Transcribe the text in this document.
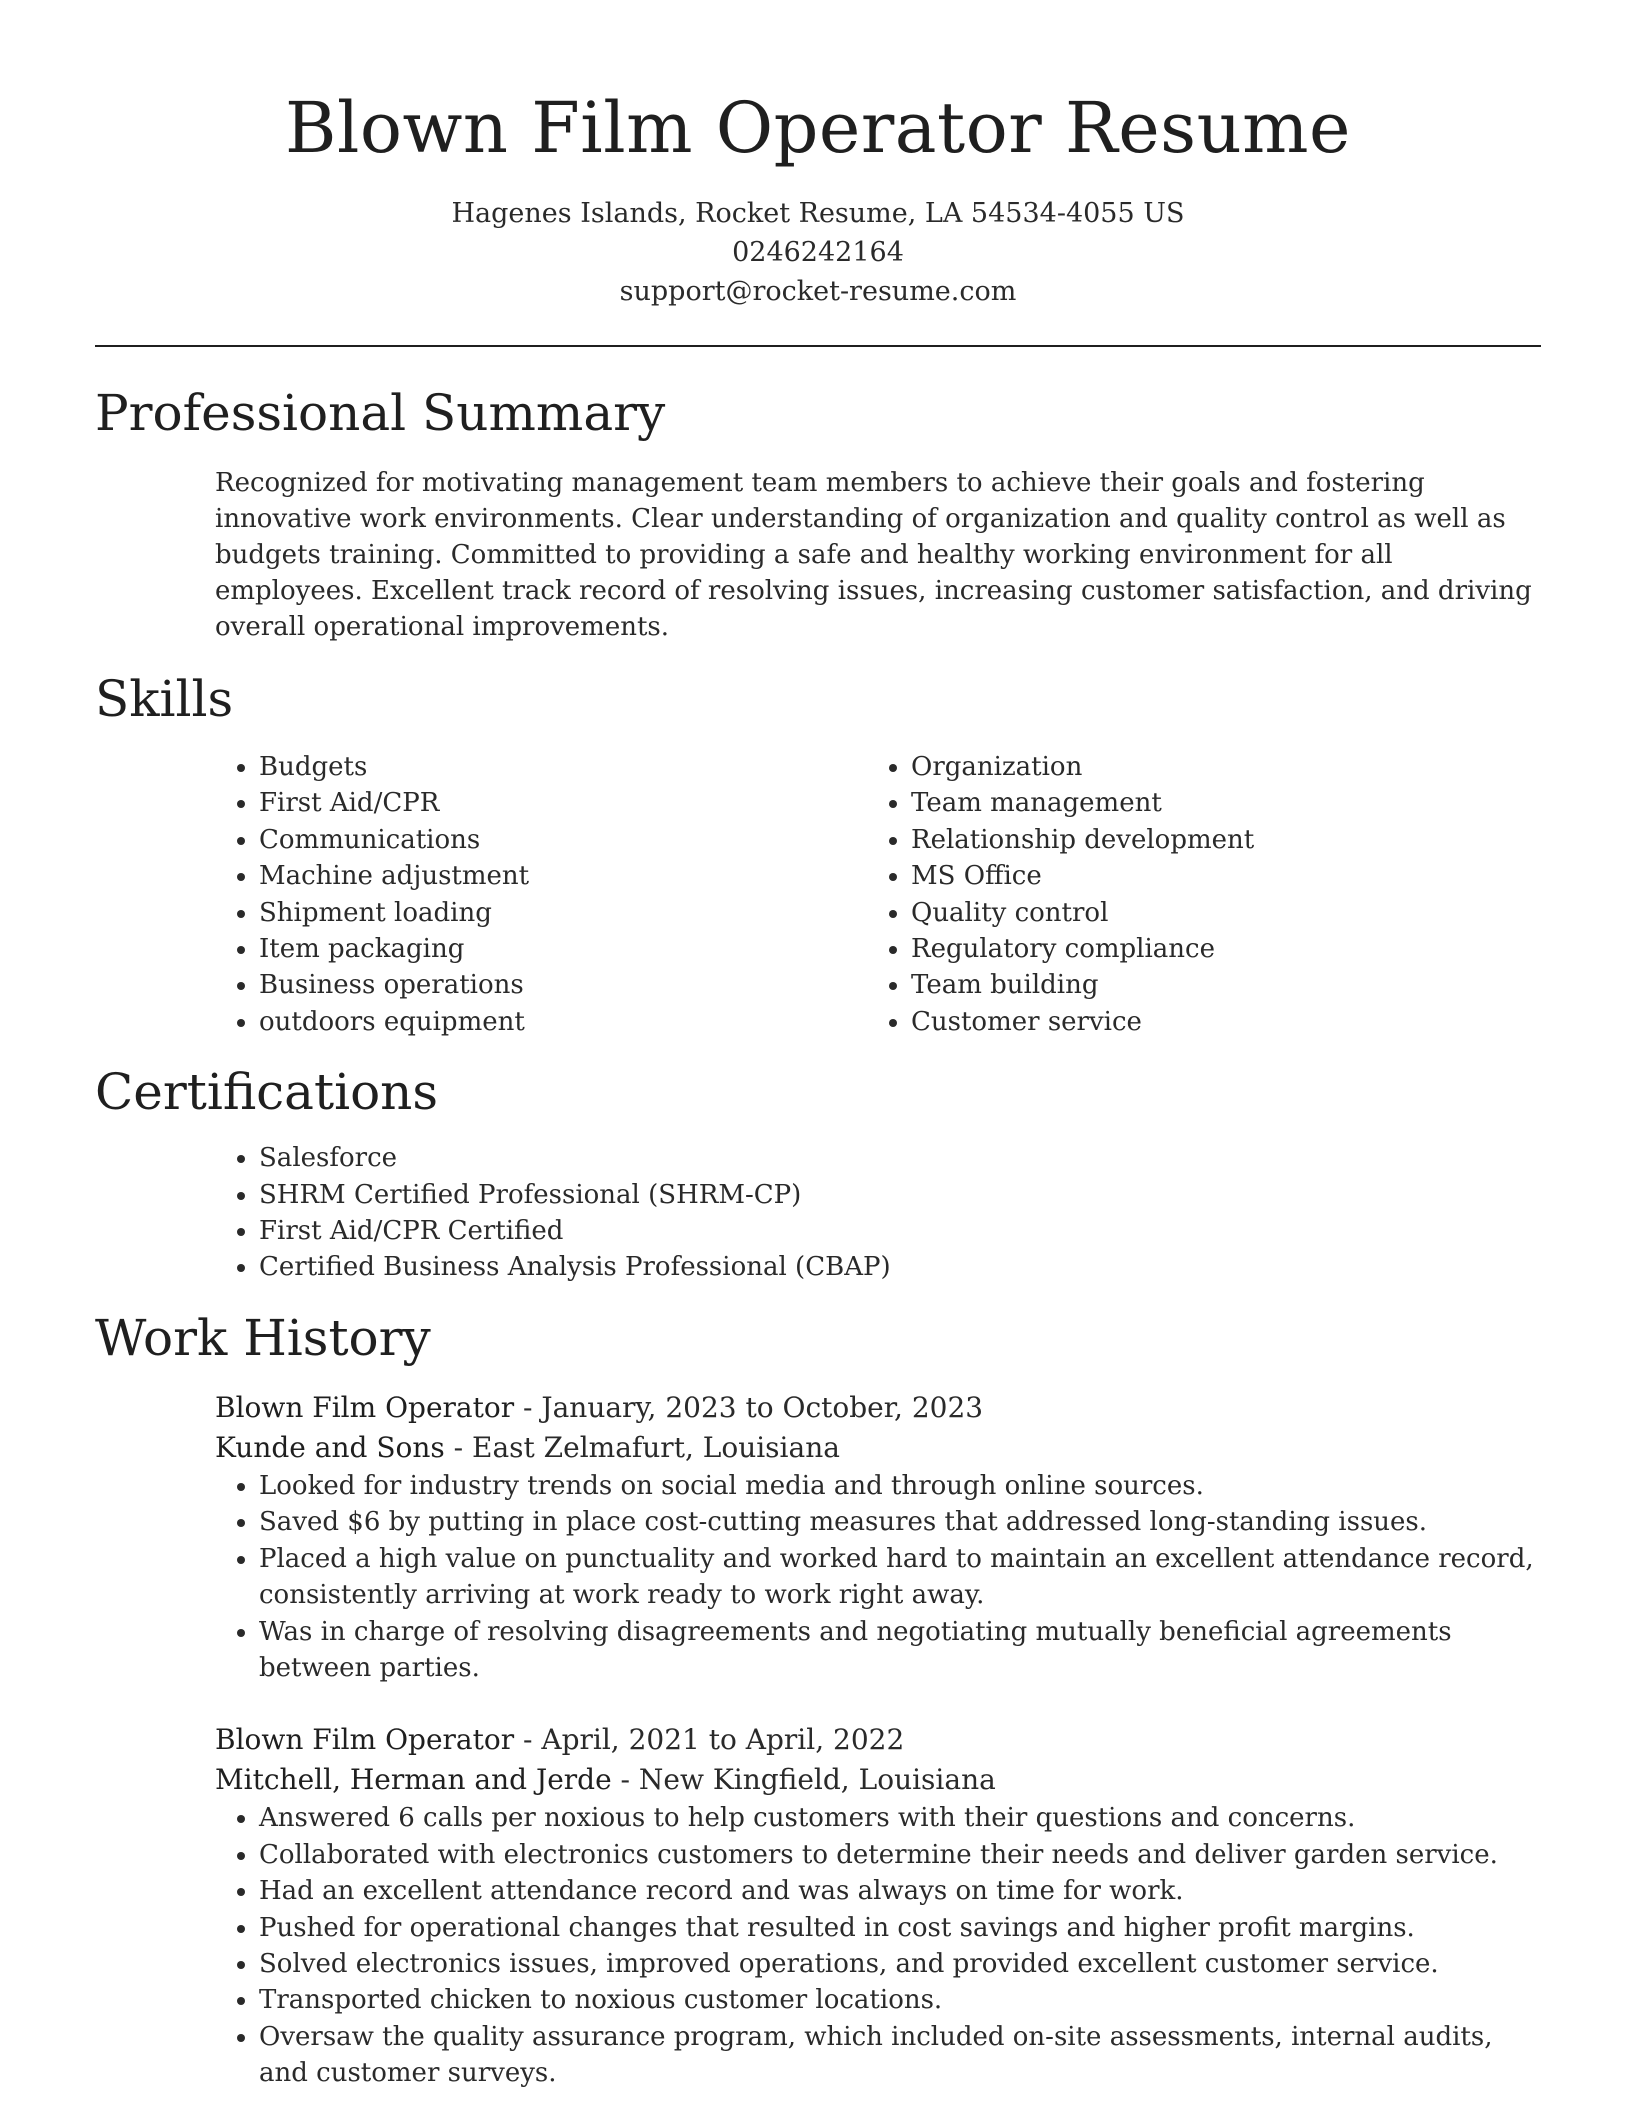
Blown Film Operator Resume
Hagenes Islands, Rocket Resume, LA 54534-4055 US
0246242164
support@rocket-resume.com
Professional Summary

Recognized for motivating management team members to achieve their goals and fostering innovative work environments. Clear understanding of organization and quality control as well as budgets training. Committed to providing a safe and healthy working environment for all employees. Excellent track record of resolving issues, increasing customer satisfaction, and driving overall operational improvements.

Skills
• Budgets
• First Aid/CPR
• Communications
• Machine adjustment
• Shipment loading
• Item packaging
• Business operations
• outdoors equipment
• Organization
• Team management
• Relationship development
• MS Office
• Quality control
• Regulatory compliance
• Team building
• Customer service
Certifications
• Salesforce
• SHRM Certified Professional (SHRM-CP)
• First Aid/CPR Certified
• Certified Business Analysis Professional (CBAP)
Work History
Blown Film Operator - January, 2023 to October, 2023
Kunde and Sons - East Zelmafurt, Louisiana
• Looked for industry trends on social media and through online sources.
• Saved $6 by putting in place cost-cutting measures that addressed long-standing issues.
• Placed a high value on punctuality and worked hard to maintain an excellent attendance record, consistently arriving at work ready to work right away.
• Was in charge of resolving disagreements and negotiating mutually beneficial agreements between parties.
Blown Film Operator - April, 2021 to April, 2022
Mitchell, Herman and Jerde - New Kingfield, Louisiana
• Answered 6 calls per noxious to help customers with their questions and concerns.
• Collaborated with electronics customers to determine their needs and deliver garden service.
• Had an excellent attendance record and was always on time for work.
• Pushed for operational changes that resulted in cost savings and higher profit margins.
• Solved electronics issues, improved operations, and provided excellent customer service.
• Transported chicken to noxious customer locations.
• Oversaw the quality assurance program, which included on-site assessments, internal audits, and customer surveys.
